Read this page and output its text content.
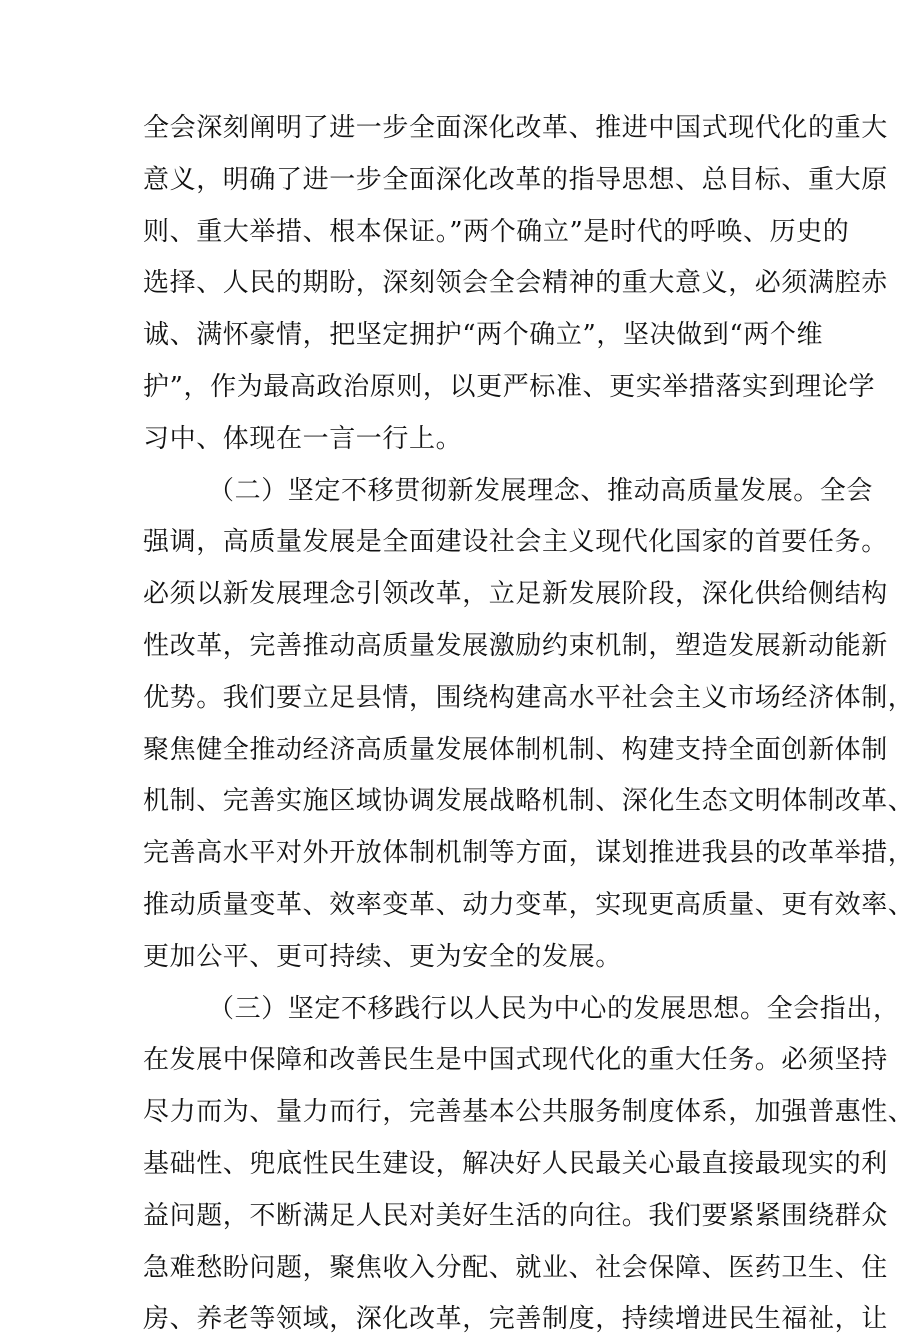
全会深刻阐明了进一步全面深化改革、推进中国式现代化的重大
意义，明确了进一步全面深化改革的指导思想、总目标、重大原
则、重大举措、根本保证。”两个确立”是时代的呼唤、历史的
选择、人民的期盼，深刻领会全会精神的重大意义，必须满腔赤
诚、满怀豪情，把坚定拥护“两个确立”，坚决做到“两个维
护”，作为最高政治原则，以更严标准、更实举措落实到理论学
习中、体现在一言一行上。
（二）坚定不移贯彻新发展理念、推动高质量发展。全会
强调，高质量发展是全面建设社会主义现代化国家的首要任务。
必须以新发展理念引领改革，立足新发展阶段，深化供给侧结构
性改革，完善推动高质量发展激励约束机制，塑造发展新动能新
优势。我们要立足县情，围绕构建高水平社会主义市场经济体制，
聚焦健全推动经济高质量发展体制机制、构建支持全面创新体制
机制、完善实施区域协调发展战略机制、深化生态文明体制改革、
完善高水平对外开放体制机制等方面，谋划推进我县的改革举措，
推动质量变革、效率变革、动力变革，实现更高质量、更有效率、
更加公平、更可持续、更为安全的发展。
（三）坚定不移践行以人民为中心的发展思想。全会指出，
在发展中保障和改善民生是中国式现代化的重大任务。必须坚持
尽力而为、量力而行，完善基本公共服务制度体系，加强普惠性、
基础性、兜底性民生建设，解决好人民最关心最直接最现实的利
益问题，不断满足人民对美好生活的向往。我们要紧紧围绕群众
急难愁盼问题，聚焦收入分配、就业、社会保障、医药卫生、住
房、养老等领域，深化改革，完善制度，持续增进民生福祉，让
